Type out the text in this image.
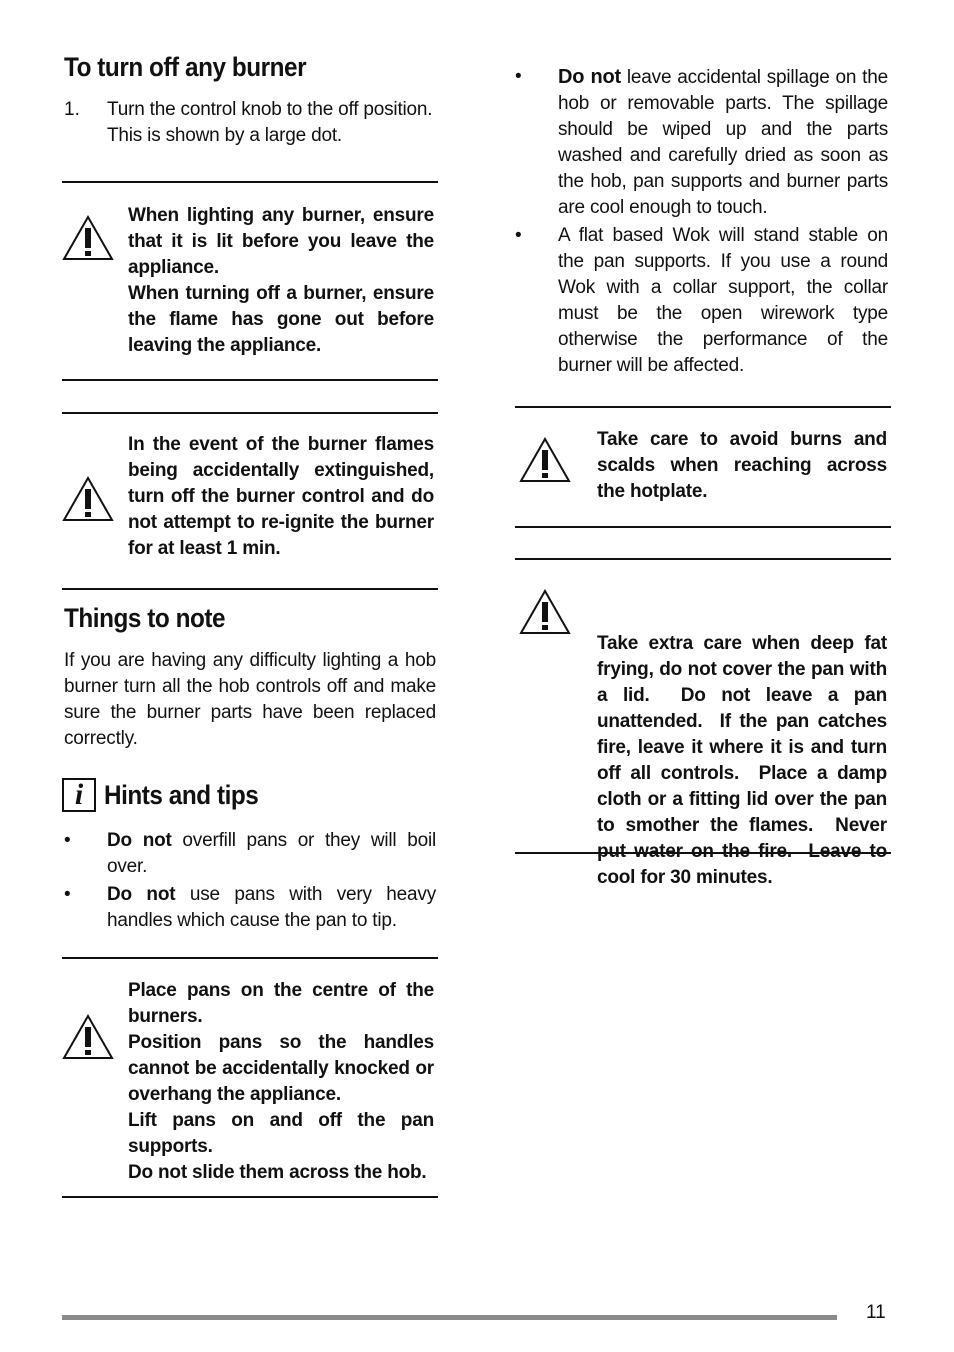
To turn off any burner
1.	Turn the control knob to the off position. This is shown by a large dot.

When lighting any burner, ensure that it is lit before you leave the appliance.

When turning off a burner, ensure the flame has gone out before leaving the appliance.

In the event of the burner flames being accidentally extinguished, turn off the burner control and do not attempt to re-ignite the burner for at least 1 min.

Things to note
If you are having any difficulty lighting a hob burner turn all the hob controls off and make sure the burner parts have been replaced correctly.
i Hints and tips
•	Do not overfill pans or they will boil over.
•	Do not use pans with very heavy handles which cause the pan to tip.

Place pans on the centre of the burners.

Position pans so the handles cannot be accidentally knocked or overhang the appliance.

Lift pans on and off the pan supports.

Do not slide them across the hob.

•	Do not leave accidental spillage on the hob or removable parts. The spillage should be wiped up and the parts washed and carefully dried as soon as the hob, pan supports and burner parts are cool enough to touch.
•	A flat based Wok will stand stable on the pan supports. If you use a round Wok with a collar support, the collar must be the open wirework type otherwise the performance of the burner will be affected.

Take care to avoid burns and scalds when reaching across the hotplate.

Take extra care when deep fat frying, do not cover the pan with a lid.  Do not leave a pan unattended.  If the pan catches fire, leave it where it is and turn off all controls.  Place a damp cloth or a fitting lid over the pan to smother the flames.  Never put water on the fire.  Leave to cool for 30 minutes.

11
